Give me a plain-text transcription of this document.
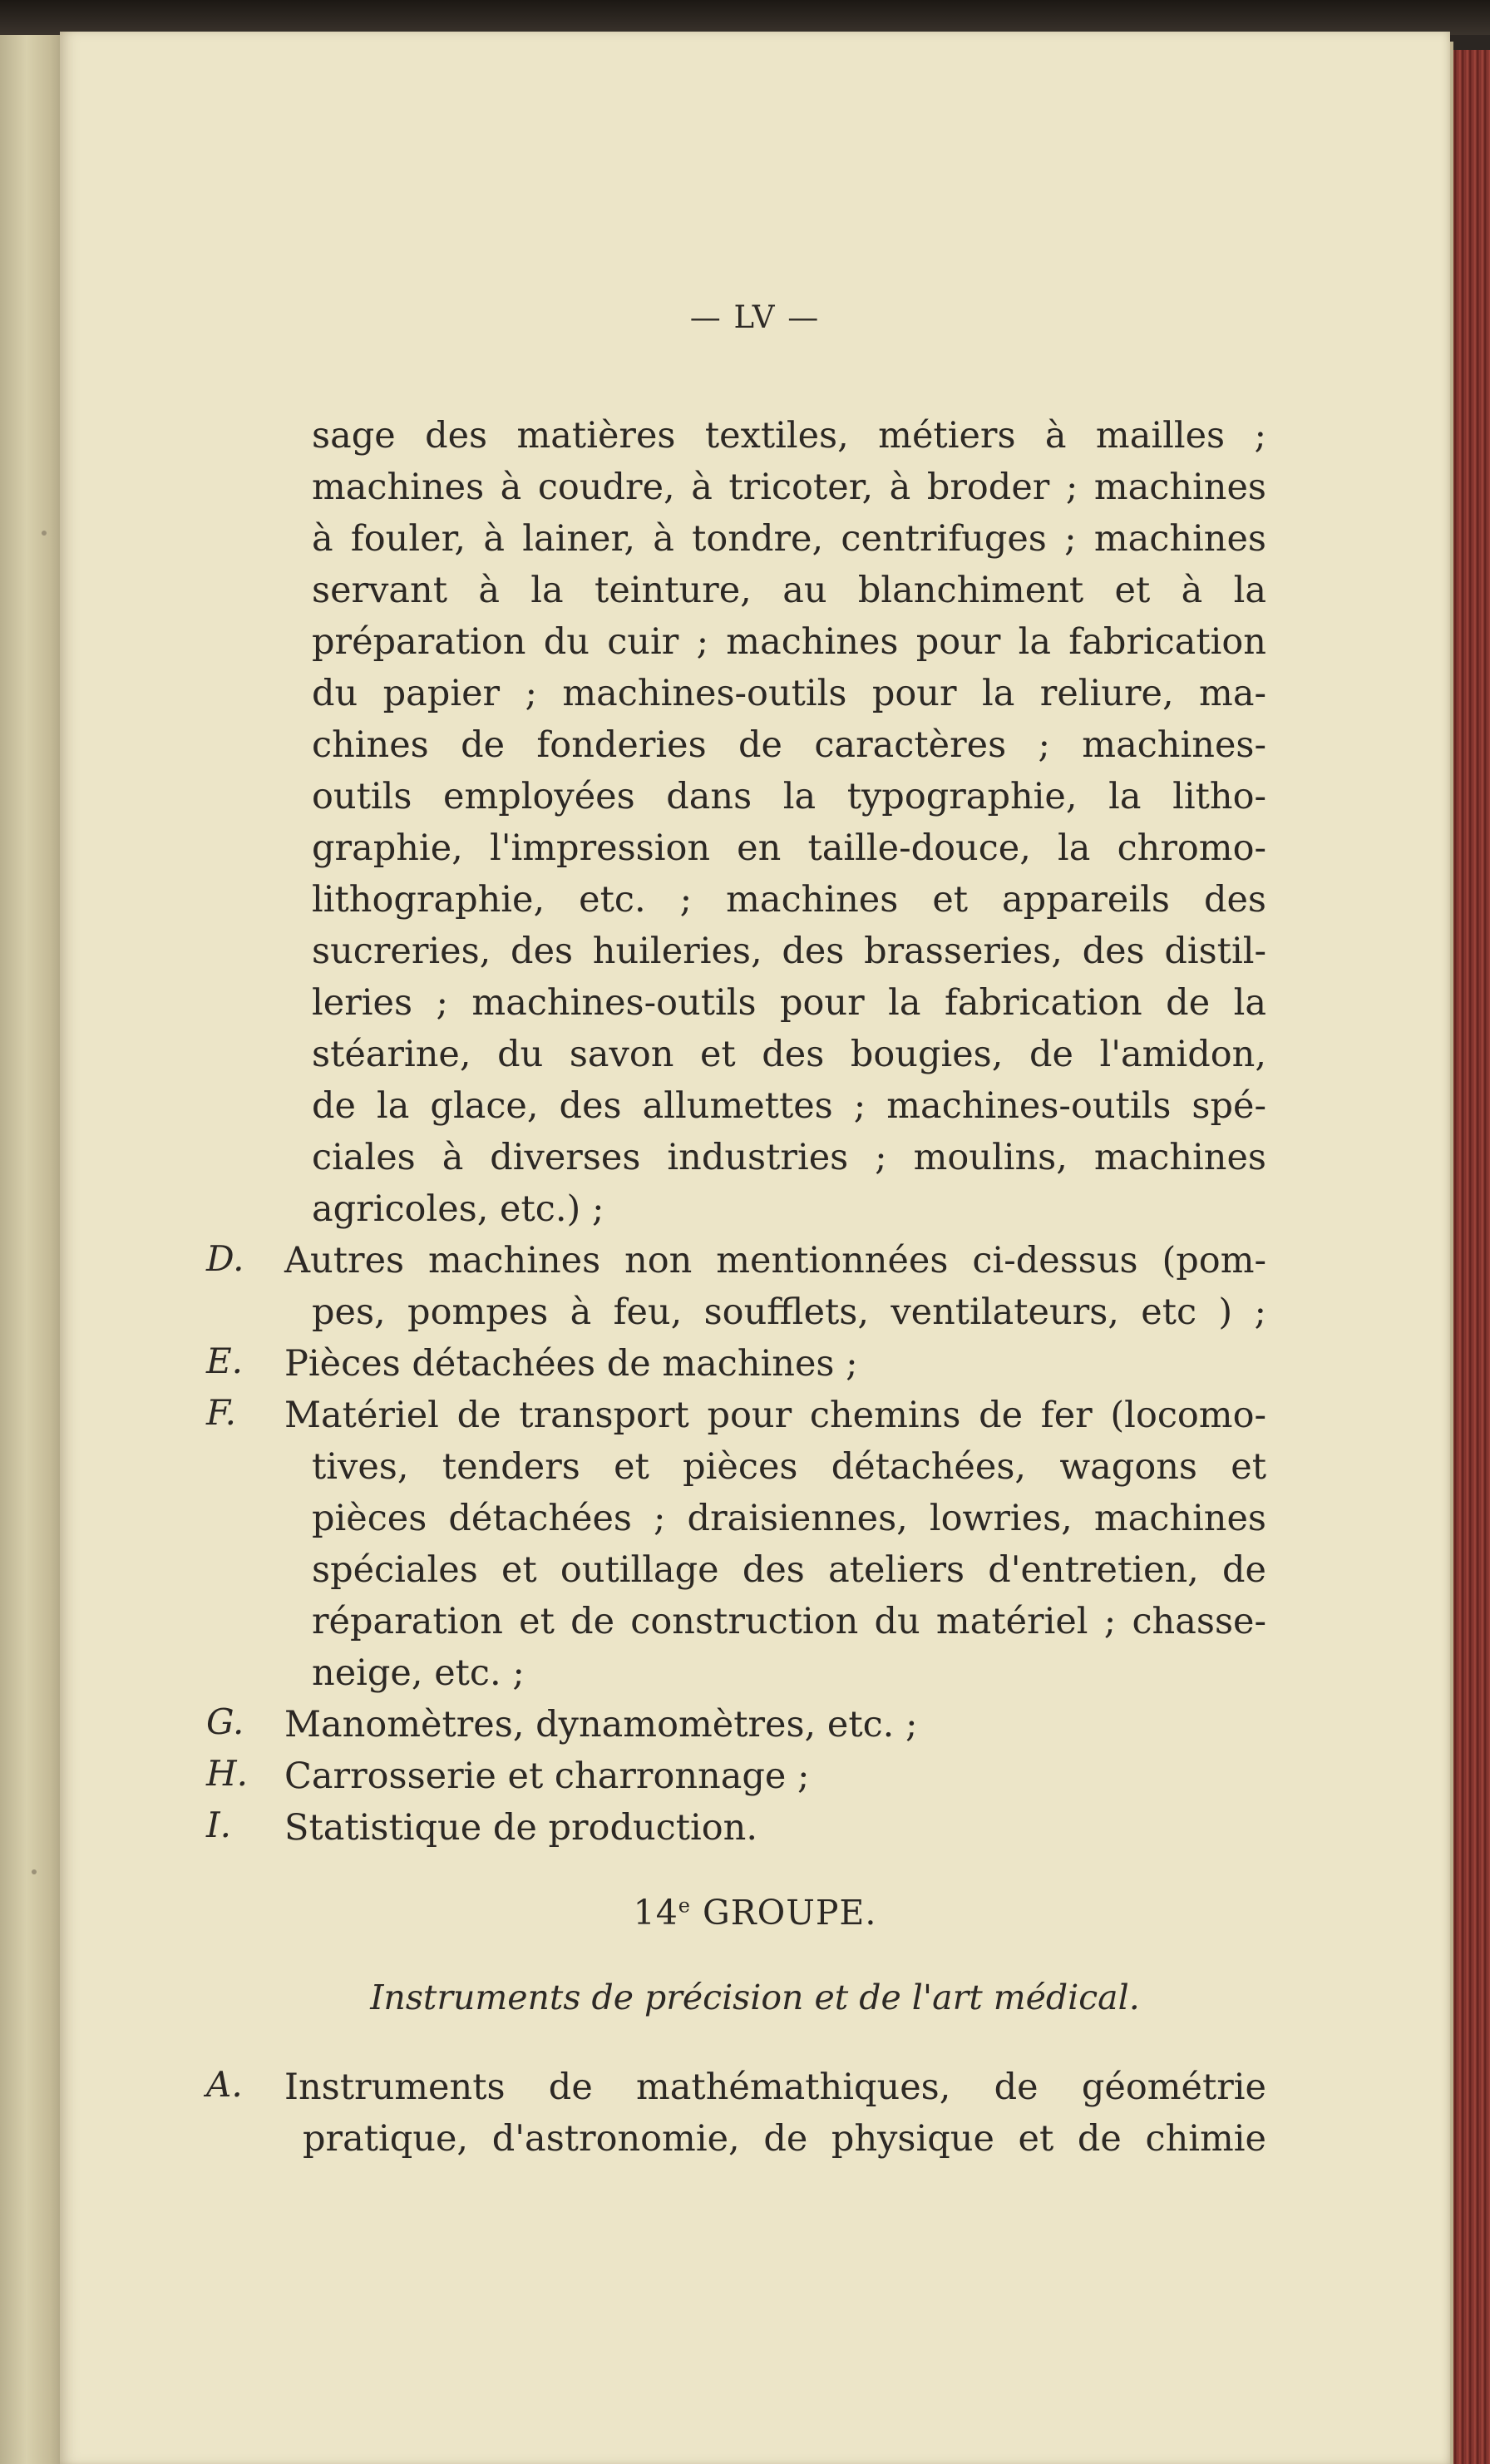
— LV —
sage des matières textiles, métiers à mailles ;
machines à coudre, à tricoter, à broder ; machines
à fouler, à lainer, à tondre, centrifuges ; machines
servant à la teinture, au blanchiment et à la
préparation du cuir ; machines pour la fabrication
du papier ; machines-outils pour la reliure, ma-
chines de fonderies de caractères ; machines-
outils employées dans la typographie, la litho-
graphie, l'impression en taille-douce, la chromo-
lithographie, etc. ; machines et appareils des
sucreries, des huileries, des brasseries, des distil-
leries ; machines-outils pour la fabrication de la
stéarine, du savon et des bougies, de l'amidon,
de la glace, des allumettes ; machines-outils spé-
ciales à diverses industries ; moulins, machines
agricoles, etc.) ;
D. Autres machines non mentionnées ci-dessus (pom-
pes, pompes à feu, soufflets, ventilateurs, etc ) ;
E. Pièces détachées de machines ;
F. Matériel de transport pour chemins de fer (locomo-
tives, tenders et pièces détachées, wagons et
pièces détachées ; draisiennes, lowries, machines
spéciales et outillage des ateliers d'entretien, de
réparation et de construction du matériel ; chasse-
neige, etc. ;
G. Manomètres, dynamomètres, etc. ;
H. Carrosserie et charronnage ;
I. Statistique de production.
14e GROUPE.
Instruments de précision et de l'art médical.
A. Instruments de mathémathiques, de géométrie
pratique, d'astronomie, de physique et de chimie
